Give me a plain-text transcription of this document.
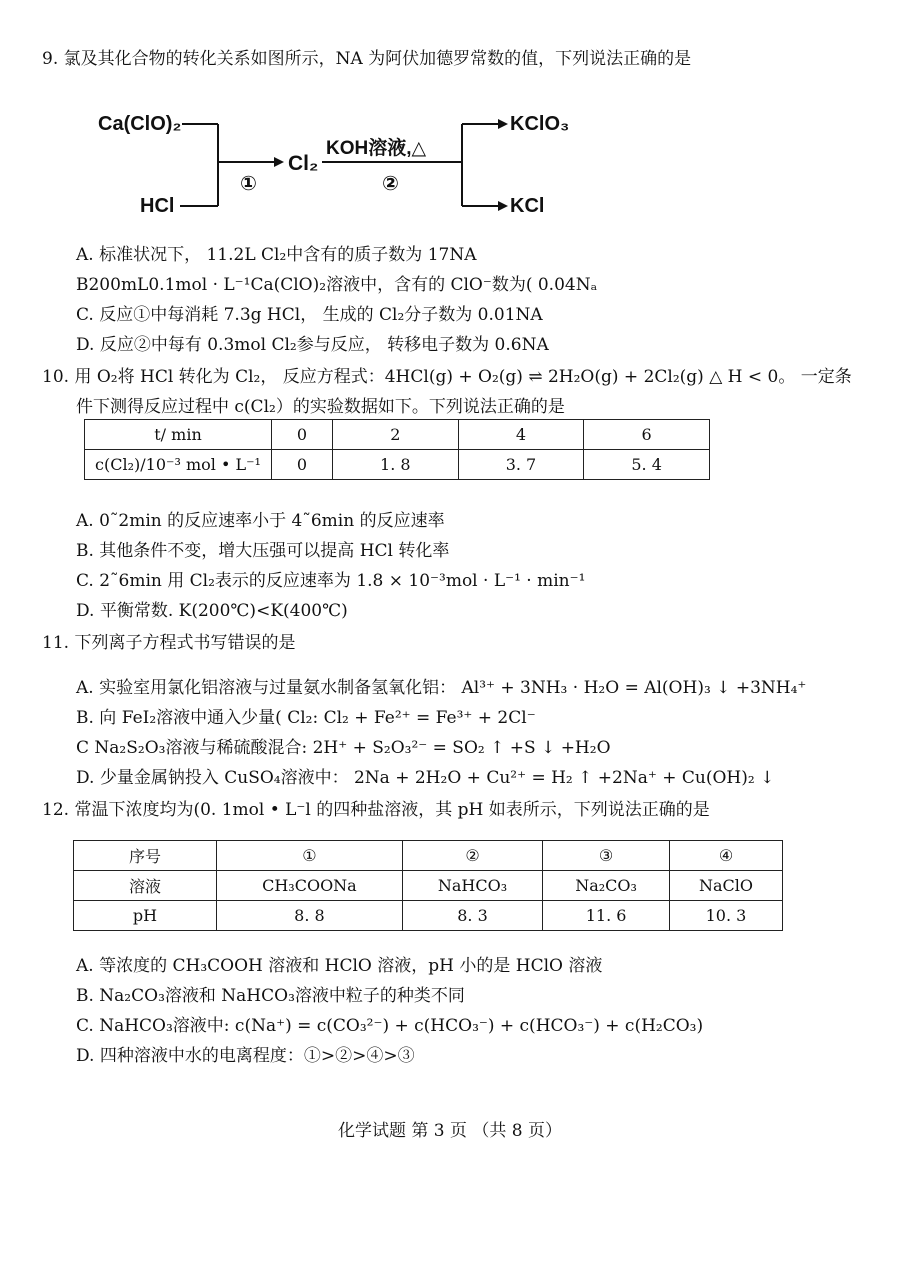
9. 氯及其化合物的转化关系如图所示，NA 为阿伏加德罗常数的值，下列说法正确的是
Ca(ClO)₂
HCl
①
Cl₂
KOH溶液,△
②
KClO₃
KCl
A. 标准状况下， 11.2L Cl₂中含有的质子数为 17NA
B200mL0.1mol · L⁻¹Ca(ClO)₂溶液中，含有的 ClO⁻数为( 0.04Nₐ
C. 反应①中每消耗 7.3g HCl， 生成的 Cl₂分子数为 0.01NA
D. 反应②中每有 0.3mol Cl₂参与反应， 转移电子数为 0.6NA
10. 用 O₂将 HCl 转化为 Cl₂， 反应方程式：4HCl(g) + O₂(g) ⇌ 2H₂O(g) + 2Cl₂(g) △ H < 0。 一定条
件下测得反应过程中 c(Cl₂）的实验数据如下。下列说法正确的是
t/ min	0	2	4	6
c(Cl₂)/10⁻³ mol • L⁻¹	0	1. 8	3. 7	5. 4
A. 0˜2min 的反应速率小于 4˜6min 的反应速率
B. 其他条件不变，增大压强可以提高 HCl 转化率
C. 2˜6min 用 Cl₂表示的反应速率为 1.8 × 10⁻³mol · L⁻¹ · min⁻¹
D. 平衡常数. K(200℃)<K(400℃)
11. 下列离子方程式书写错误的是
A. 实验室用氯化铝溶液与过量氨水制备氢氧化铝： Al³⁺ + 3NH₃ · H₂O = Al(OH)₃ ↓ +3NH₄⁺
B. 向 FeI₂溶液中通入少量( Cl₂: Cl₂ + Fe²⁺ = Fe³⁺ + 2Cl⁻
C Na₂S₂O₃溶液与稀硫酸混合: 2H⁺ + S₂O₃²⁻ = SO₂ ↑ +S ↓ +H₂O
D. 少量金属钠投入 CuSO₄溶液中： 2Na + 2H₂O + Cu²⁺ = H₂ ↑ +2Na⁺ + Cu(OH)₂ ↓
12. 常温下浓度均为(0. 1mol • L⁻l 的四种盐溶液，其 pH 如表所示，下列说法正确的是
序号	①	②	③	④
溶液	CH₃COONa	NaHCO₃	Na₂CO₃	NaClO
pH	8. 8	8. 3	11. 6	10. 3
A. 等浓度的 CH₃COOH 溶液和 HClO 溶液，pH 小的是 HClO 溶液
B. Na₂CO₃溶液和 NaHCO₃溶液中粒子的种类不同
C. NaHCO₃溶液中: c(Na⁺) = c(CO₃²⁻) + c(HCO₃⁻) + c(HCO₃⁻) + c(H₂CO₃)
D. 四种溶液中水的电离程度：①>②>④>③
化学试题 第 3 页 （共 8 页）
